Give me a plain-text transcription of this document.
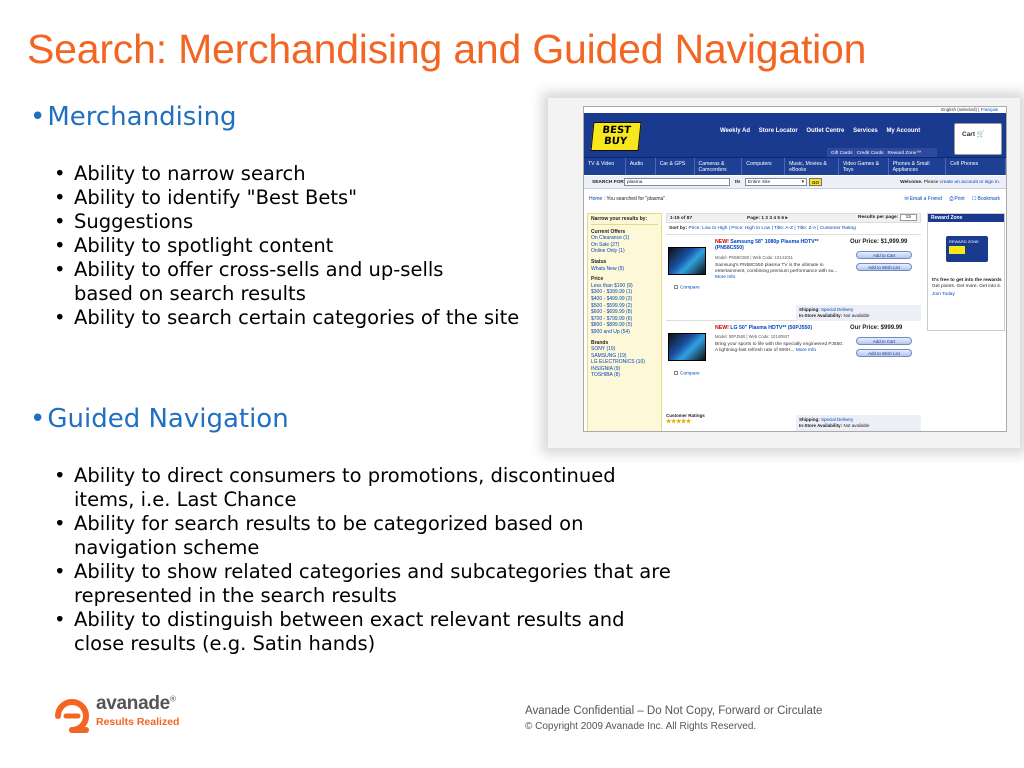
Search: Merchandising and Guided Navigation
•Merchandising
• Ability to narrow search
• Ability to identify "Best Bets"
• Suggestions
• Ability to spotlight content
• Ability to offer cross-sells and up-sells based on search results
• Ability to search certain categories of the site
•Guided Navigation
• Ability to direct consumers to promotions, discontinued items, i.e. Last Chance
• Ability for search results to be categorized based on navigation scheme
• Ability to show related categories and subcategories that are represented in the search results
• Ability to distinguish between exact relevant results and close results (e.g. Satin hands)
English (selected) | Français
BEST BUY
Weekly Ad Store Locator Outlet Centre Services My Account	Cart 🛒
Gift Cards Credit Cards Reward Zone™
TV & Video	Audio	Car & GPS	Cameras & Camcorders
Computers	Music, Movies & eBooks
Video Games & Toys
Phones & Small Appliances
Cell Phones
SEARCH FOR plasma	IN	Entire Site	▾	GO	Welcome. Please create an account or sign in.
Home : You searched for "plasma"	✉Email a Friend ⎙Print ☐Bookmark
Narrow your results by:
Current Offers
On Clearance (1)
On Sale (27)
Online Only (1)
Status
Whats New (9)
Price
Less than $100 (9)
$300 - $399.99 (1)
$400 - $499.99 (2)
$500 - $599.99 (2)
$600 - $699.99 (8)
$700 - $799.99 (6)
$800 - $899.99 (5)
$900 and Up (54)
Brands
SONY (19)
SAMSUNG (19)
LG ELECTRONICS (10)
INSIGNIA (9)
TOSHIBA (8)
1-15 of 87	Page: 1 2 3 4 5 6 ▸	Results per page: 15
Sort by: Price: Low to High | Price: High to Low | Title: A-Z | Title: Z-A | Customer Rating
Compare
NEW! Samsung 58" 1080p Plasma HDTV** (PN58C550)
Model: PN58C550 | Web Code: 10141011
Samsung's PN58C550 plasma TV is the ultimate in entertainment, combining premium performance with su... More Info
Our Price: $1,999.99
Add to Cart
Add to Wish List
Shipping: Special Delivery
In-Store Availability: Not available
Compare
NEW! LG 50" Plasma HDTV** (50PJ550)
Model: 50PJ550 | Web Code: 10140847
Bring your sports to life with the specially engineered PJ550. A lightning-fast refresh rate of 600H... More Info
Our Price: $999.99
Add to Cart
Add to Wish List
Shipping: Special Delivery
In-Store Availability: Not available
Customer Ratings
★★★★★
Reward Zone
REWARD ZONE
It's free to get into the rewards
Get points. Get more. Get into it.
Join Today
avanade®
Results Realized
Avanade Confidential – Do Not Copy, Forward or Circulate
© Copyright 2009 Avanade Inc. All Rights Reserved.
